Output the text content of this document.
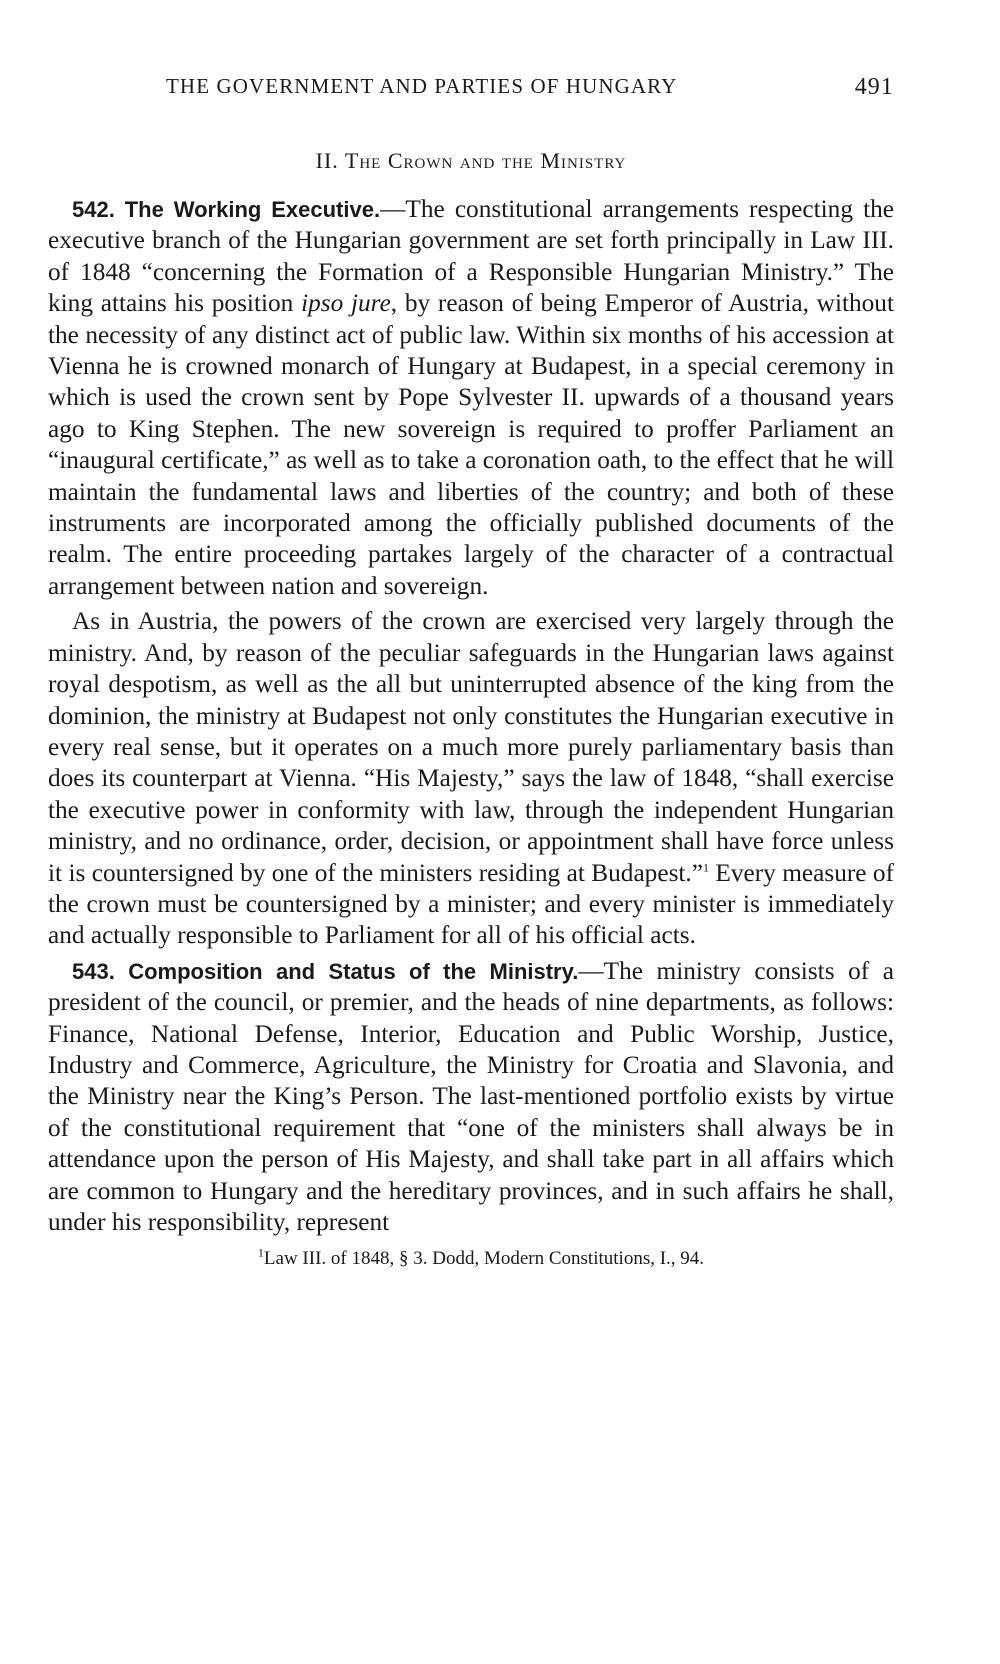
THE GOVERNMENT AND PARTIES OF HUNGARY	491
II. The Crown and the Ministry

542. The Working Executive.—The constitutional arrangements respecting the executive branch of the Hungarian government are set forth principally in Law III. of 1848 “concerning the Formation of a Responsible Hungarian Ministry.” The king attains his position ipso jure, by reason of being Emperor of Austria, without the necessity of any distinct act of public law. Within six months of his accession at Vienna he is crowned monarch of Hungary at Budapest, in a special ceremony in which is used the crown sent by Pope Sylvester II. upwards of a thousand years ago to King Stephen. The new sovereign is required to proffer Parliament an “inaugural certificate,” as well as to take a coronation oath, to the effect that he will maintain the fundamental laws and liberties of the country; and both of these instruments are incorporated among the officially published documents of the realm. The entire proceeding partakes largely of the character of a contractual arrangement between nation and sovereign.

As in Austria, the powers of the crown are exercised very largely through the ministry. And, by reason of the peculiar safeguards in the Hungarian laws against royal despotism, as well as the all but uninterrupted absence of the king from the dominion, the ministry at Budapest not only constitutes the Hungarian executive in every real sense, but it operates on a much more purely parliamentary basis than does its counterpart at Vienna. “His Majesty,” says the law of 1848, “shall exercise the executive power in conformity with law, through the independent Hungarian ministry, and no ordinance, order, decision, or appointment shall have force unless it is countersigned by one of the ministers residing at Budapest.”$^1$ Every measure of the crown must be countersigned by a minister; and every minister is immediately and actually responsible to Parliament for all of his official acts.

543. Composition and Status of the Ministry.—The ministry consists of a president of the council, or premier, and the heads of nine departments, as follows: Finance, National Defense, Interior, Education and Public Worship, Justice, Industry and Commerce, Agriculture, the Ministry for Croatia and Slavonia, and the Ministry near the King’s Person. The last-mentioned portfolio exists by virtue of the constitutional requirement that “one of the ministers shall always be in attendance upon the person of His Majesty, and shall take part in all affairs which are common to Hungary and the hereditary provinces, and in such affairs he shall, under his responsibility, represent

$^1$Law III. of 1848, § 3. Dodd, Modern Constitutions, I., 94.
